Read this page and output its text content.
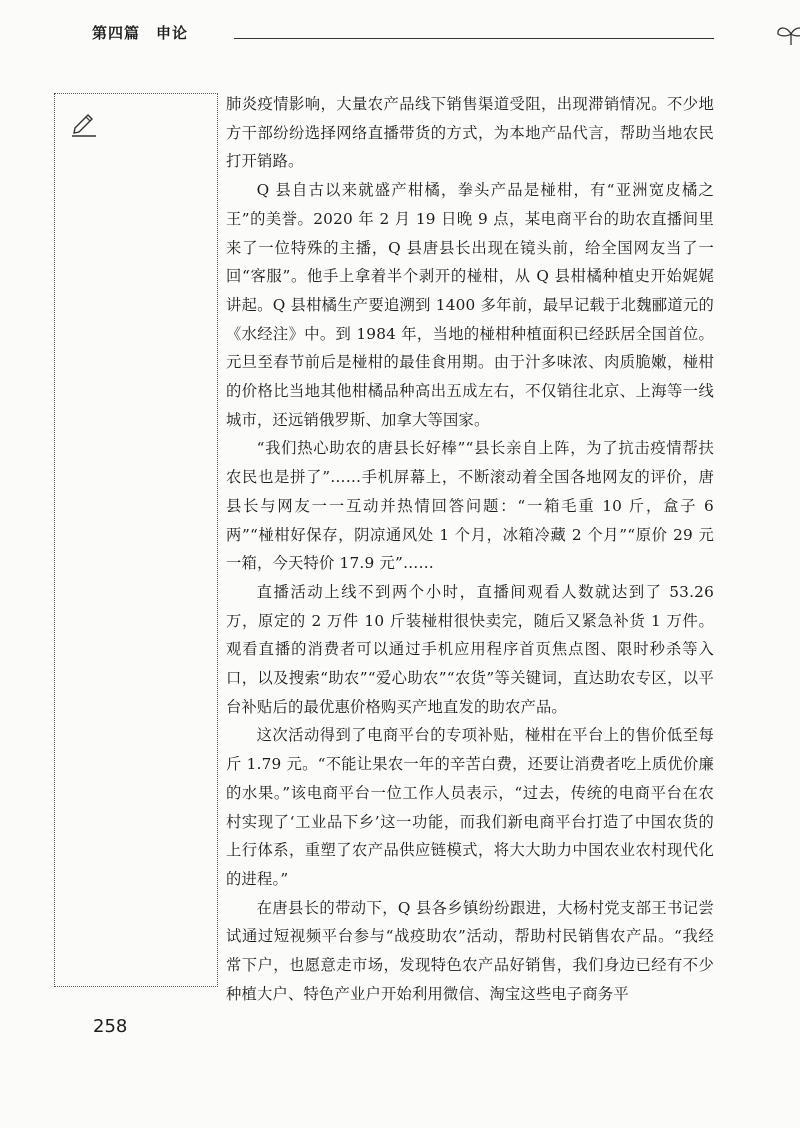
第四篇　申论

肺炎疫情影响，大量农产品线下销售渠道受阻，出现滞销情况。不少地方干部纷纷选择网络直播带货的方式，为本地产品代言，帮助当地农民打开销路。

Q 县自古以来就盛产柑橘，拳头产品是椪柑，有“亚洲宽皮橘之王”的美誉。2020 年 2 月 19 日晚 9 点，某电商平台的助农直播间里来了一位特殊的主播，Q 县唐县长出现在镜头前，给全国网友当了一回“客服”。他手上拿着半个剥开的椪柑，从 Q 县柑橘种植史开始娓娓讲起。Q 县柑橘生产要追溯到 1400 多年前，最早记载于北魏郦道元的《水经注》中。到 1984 年，当地的椪柑种植面积已经跃居全国首位。元旦至春节前后是椪柑的最佳食用期。由于汁多味浓、肉质脆嫩，椪柑的价格比当地其他柑橘品种高出五成左右，不仅销往北京、上海等一线城市，还远销俄罗斯、加拿大等国家。

“我们热心助农的唐县长好棒”“县长亲自上阵，为了抗击疫情帮扶农民也是拼了”……手机屏幕上，不断滚动着全国各地网友的评价，唐县长与网友一一互动并热情回答问题：“一箱毛重 10 斤，盒子 6 两”“椪柑好保存，阴凉通风处 1 个月，冰箱冷藏 2 个月”“原价 29 元一箱，今天特价 17.9 元”……

直播活动上线不到两个小时，直播间观看人数就达到了 53.26 万，原定的 2 万件 10 斤装椪柑很快卖完，随后又紧急补货 1 万件。观看直播的消费者可以通过手机应用程序首页焦点图、限时秒杀等入口，以及搜索“助农”“爱心助农”“农货”等关键词，直达助农专区，以平台补贴后的最优惠价格购买产地直发的助农产品。

这次活动得到了电商平台的专项补贴，椪柑在平台上的售价低至每斤 1.79 元。“不能让果农一年的辛苦白费，还要让消费者吃上质优价廉的水果。”该电商平台一位工作人员表示，“过去，传统的电商平台在农村实现了‘工业品下乡’这一功能，而我们新电商平台打造了中国农货的上行体系，重塑了农产品供应链模式，将大大助力中国农业农村现代化的进程。”

在唐县长的带动下，Q 县各乡镇纷纷跟进，大杨村党支部王书记尝试通过短视频平台参与“战疫助农”活动，帮助村民销售农产品。“我经常下户，也愿意走市场，发现特色农产品好销售，我们身边已经有不少种植大户、特色产业户开始利用微信、淘宝这些电子商务平

258
